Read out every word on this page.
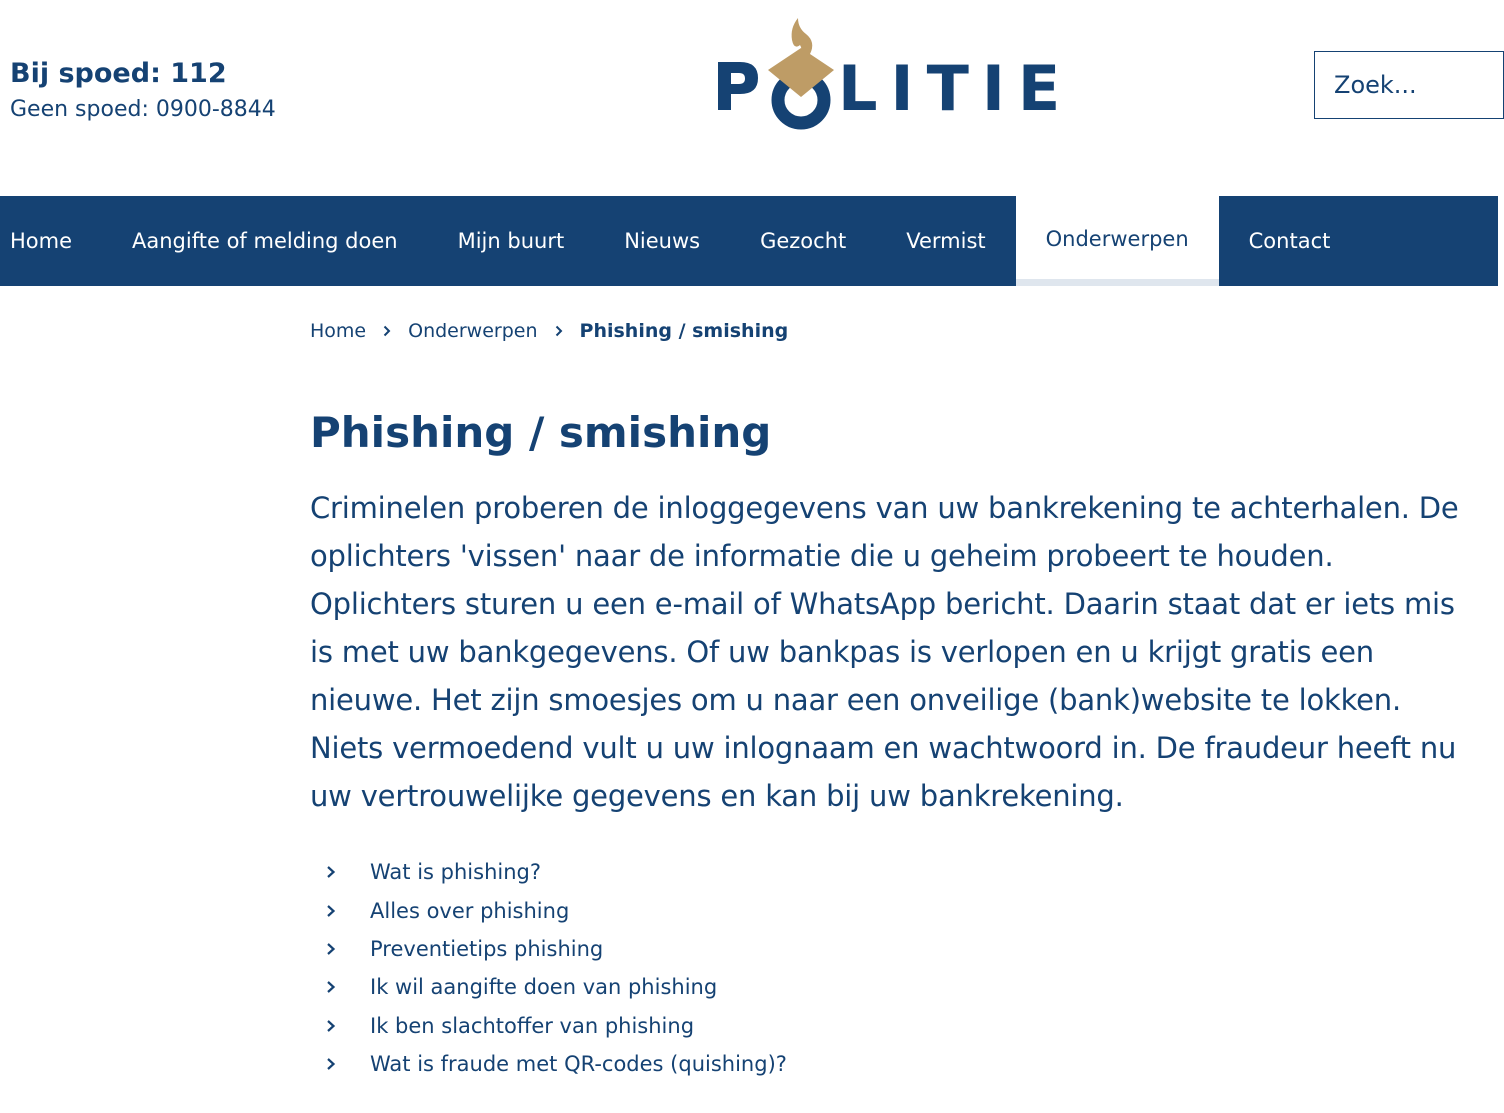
Bij spoed: 112
Geen spoed: 0900-8844	LITIE
Zoek...
Home	Aangifte of melding doen	Mijn buurt	Nieuws	Gezocht	Vermist	Onderwerpen	Contact
Home Onderwerpen Phishing / smishing
Phishing / smishing

Criminelen proberen de inloggegevens van uw bankrekening te achterhalen. De oplichters 'vissen' naar de informatie die u geheim probeert te houden. Oplichters sturen u een e-mail of WhatsApp bericht. Daarin staat dat er iets mis is met uw bankgegevens. Of uw bankpas is verlopen en u krijgt gratis een nieuwe. Het zijn smoesjes om u naar een onveilige (bank)website te lokken. Niets vermoedend vult u uw inlognaam en wachtwoord in. De fraudeur heeft nu uw vertrouwelijke gegevens en kan bij uw bankrekening.

Wat is phishing?
Alles over phishing
Preventietips phishing
Ik wil aangifte doen van phishing
Ik ben slachtoffer van phishing
Wat is fraude met QR-codes (quishing)?
